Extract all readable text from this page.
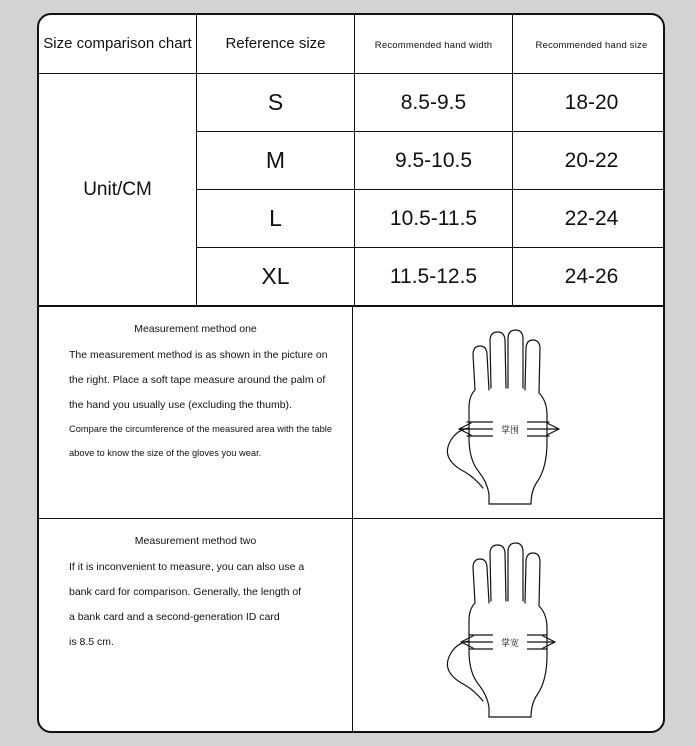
Size comparison chart	Reference size	Recommended hand width	Recommended hand size
Unit/CM	S	8.5-9.5	18-20
	M	9.5-10.5	20-22
	L	10.5-11.5	22-24
	XL	11.5-12.5	24-26
Measurement method one

The measurement method is as shown in the picture on

the right. Place a soft tape measure around the palm of

the hand you usually use (excluding the thumb).

Compare the circumference of the measured area with the table

above to know the size of the gloves you wear.

掌围
Measurement method two

If it is inconvenient to measure, you can also use a

bank card for comparison. Generally, the length of

a bank card and a second-generation ID card

is 8.5 cm.	掌宽
